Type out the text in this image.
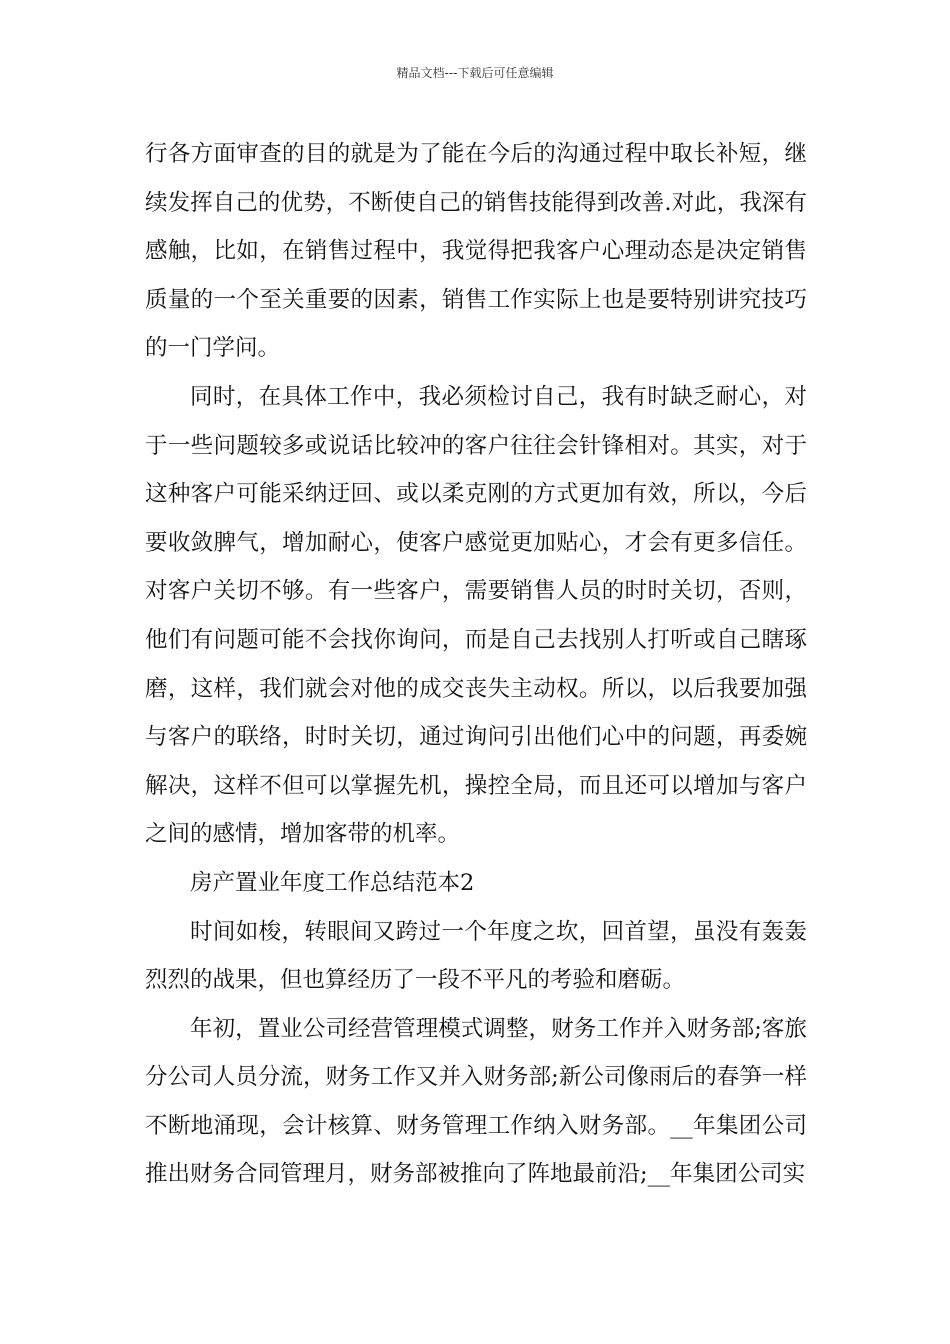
精品文档---下载后可任意编辑

行各方面审查的目的就是为了能在今后的沟通过程中取长补短，继续发挥自己的优势，不断使自己的销售技能得到改善.对此，我深有感触，比如，在销售过程中，我觉得把我客户心理动态是决定销售质量的一个至关重要的因素，销售工作实际上也是要特别讲究技巧的一门学问。

同时，在具体工作中，我必须检讨自己，我有时缺乏耐心，对于一些问题较多或说话比较冲的客户往往会针锋相对。其实，对于这种客户可能采纳迂回、或以柔克刚的方式更加有效，所以，今后要收敛脾气，增加耐心，使客户感觉更加贴心，才会有更多信任。对客户关切不够。有一些客户，需要销售人员的时时关切，否则，他们有问题可能不会找你询问，而是自己去找别人打听或自己瞎琢磨，这样，我们就会对他的成交丧失主动权。所以，以后我要加强与客户的联络，时时关切，通过询问引出他们心中的问题，再委婉解决，这样不但可以掌握先机，操控全局，而且还可以增加与客户之间的感情，增加客带的机率。

房产置业年度工作总结范本2

时间如梭，转眼间又跨过一个年度之坎，回首望，虽没有轰轰烈烈的战果，但也算经历了一段不平凡的考验和磨砺。

年初，置业公司经营管理模式调整，财务工作并入财务部;客旅分公司人员分流，财务工作又并入财务部;新公司像雨后的春笋一样不断地涌现，会计核算、财务管理工作纳入财务部。__年集团公司推出财务合同管理月，财务部被推向了阵地最前沿;__年集团公司实
